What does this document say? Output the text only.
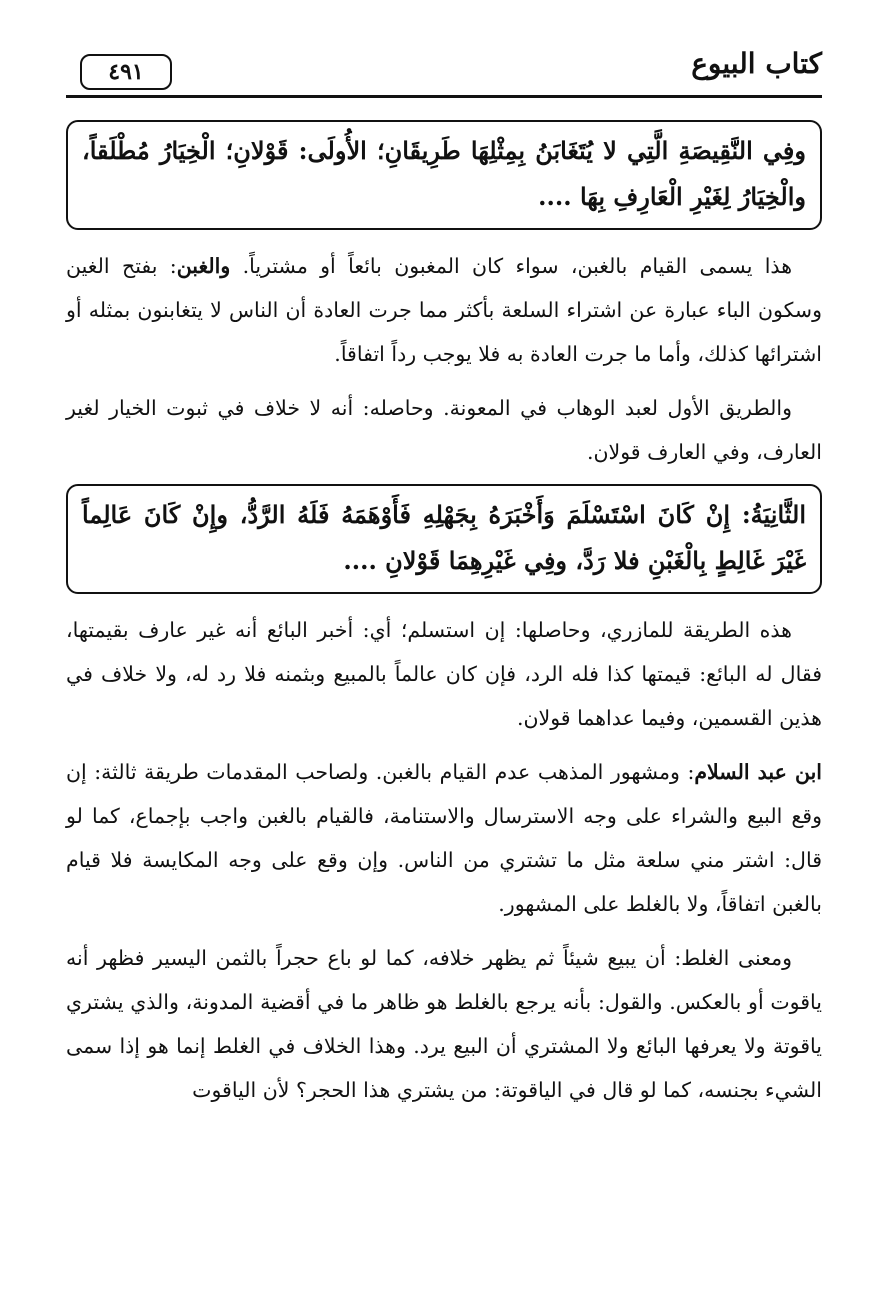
كتاب البيوع
٤٩١
وفِي النَّقِيصَةِ الَّتِي لا يُتَغَابَنُ بِمِثْلِهَا طَرِيقَانِ؛ الأُولَى: قَوْلانِ؛ الْخِيَارُ مُطْلَقاً، والْخِيَارُ لِغَيْرِ الْعَارِفِ بِهَا ....

هذا يسمى القيام بالغبن، سواء كان المغبون بائعاً أو مشترياً. والغبن: بفتح الغين وسكون الباء عبارة عن اشتراء السلعة بأكثر مما جرت العادة أن الناس لا يتغابنون بمثله أو اشترائها كذلك، وأما ما جرت العادة به فلا يوجب رداً اتفاقاً.

والطريق الأول لعبد الوهاب في المعونة. وحاصله: أنه لا خلاف في ثبوت الخيار لغير العارف، وفي العارف قولان.

الثَّانِيَةُ: إِنْ كَانَ اسْتَسْلَمَ وَأَخْبَرَهُ بِجَهْلِهِ فَأَوْهَمَهُ فَلَهُ الرَّدُّ، وإِنْ كَانَ عَالِماً غَيْرَ غَالِطٍ بِالْغَبْنِ فلا رَدَّ، وفِي غَيْرِهِمَا قَوْلانِ ....

هذه الطريقة للمازري، وحاصلها: إن استسلم؛ أي: أخبر البائع أنه غير عارف بقيمتها، فقال له البائع: قيمتها كذا فله الرد، فإن كان عالماً بالمبيع وبثمنه فلا رد له، ولا خلاف في هذين القسمين، وفيما عداهما قولان.

ابن عبد السلام: ومشهور المذهب عدم القيام بالغبن. ولصاحب المقدمات طريقة ثالثة: إن وقع البيع والشراء على وجه الاسترسال والاستنامة، فالقيام بالغبن واجب بإجماع، كما لو قال: اشتر مني سلعة مثل ما تشتري من الناس. وإن وقع على وجه المكايسة فلا قيام بالغبن اتفاقاً، ولا بالغلط على المشهور.

ومعنى الغلط: أن يبيع شيئاً ثم يظهر خلافه، كما لو باع حجراً بالثمن اليسير فظهر أنه ياقوت أو بالعكس. والقول: بأنه يرجع بالغلط هو ظاهر ما في أقضية المدونة، والذي يشتري ياقوتة ولا يعرفها البائع ولا المشتري أن البيع يرد. وهذا الخلاف في الغلط إنما هو إذا سمى الشيء بجنسه، كما لو قال في الياقوتة: من يشتري هذا الحجر؟ لأن الياقوت
